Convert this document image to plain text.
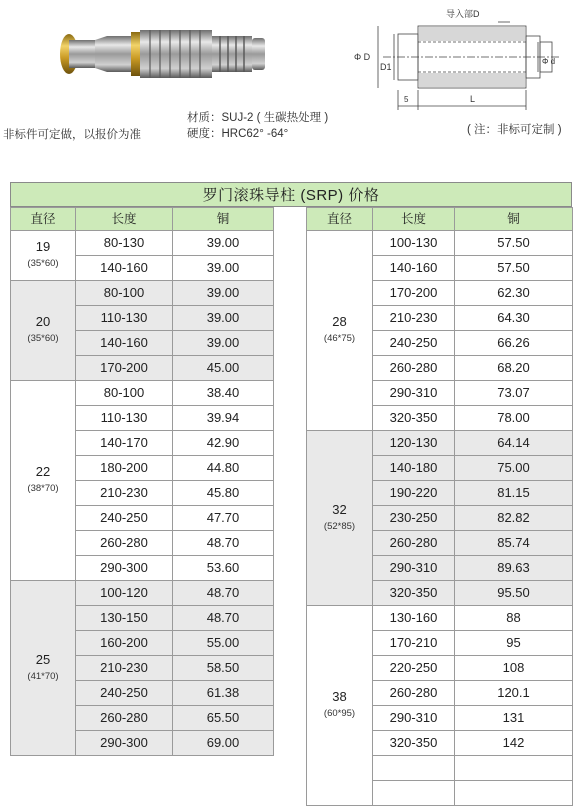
导入部D
Φ D
D1
Φ d
5	L
非标件可定做，以报价为准
材质：SUJ-2 ( 生碳热处理 )
硬度：HRC62° -64°	( 注：非标可定制 )
罗门滚珠导柱 (SRP) 价格
直径	长度	铜

19
(35*60)	80-130	39.00
	140-160	39.00

20
(35*60)	80-100	39.00
	110-130	39.00
	140-160	39.00
	170-200	45.00

22
(38*70)	80-100	38.40
	110-130	39.94
	140-170	42.90
	180-200	44.80
	210-230	45.80
	240-250	47.70
	260-280	48.70
	290-300	53.60

25
(41*70)	100-120	48.70
	130-150	48.70
	160-200	55.00
	210-230	58.50
	240-250	61.38
	260-280	65.50
	290-300	69.00
直径	长度	铜

28
(46*75)	100-130	57.50
	140-160	57.50
	170-200	62.30
	210-230	64.30
	240-250	66.26
	260-280	68.20
	290-310	73.07
	320-350	78.00

32
(52*85)	120-130	64.14
	140-180	75.00
	190-220	81.15
	230-250	82.82
	260-280	85.74
	290-310	89.63
	320-350	95.50

38
(60*95)	130-160	88
	170-210	95
	220-250	108
	260-280	120.1
	290-310	131
	320-350	142
